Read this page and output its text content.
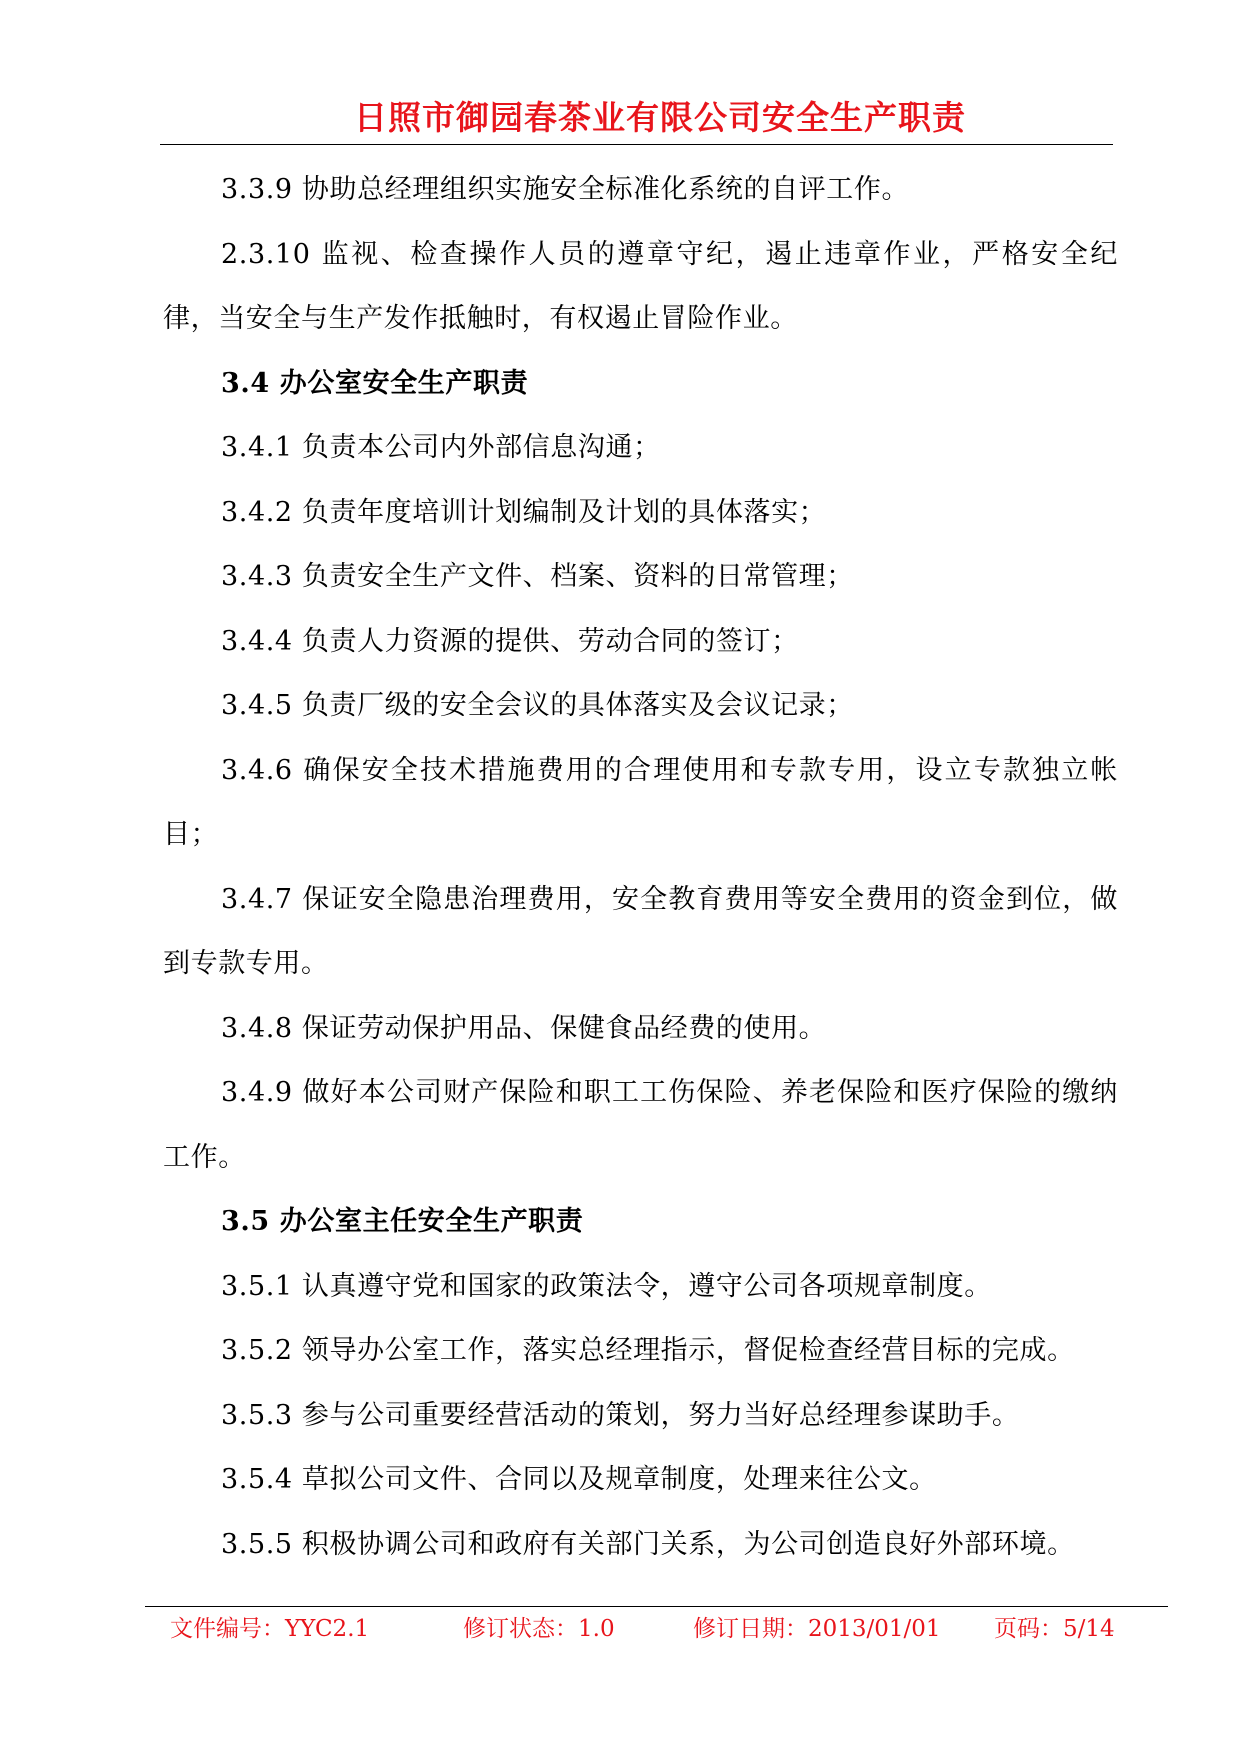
日照市御园春茶业有限公司安全生产职责

3.3.9 协助总经理组织实施安全标准化系统的自评工作。

2.3.10 监视、检查操作人员的遵章守纪，遏止违章作业，严格安全纪律，当安全与生产发作抵触时，有权遏止冒险作业。

3.4 办公室安全生产职责

3.4.1 负责本公司内外部信息沟通；

3.4.2 负责年度培训计划编制及计划的具体落实；

3.4.3 负责安全生产文件、档案、资料的日常管理；

3.4.4 负责人力资源的提供、劳动合同的签订；

3.4.5 负责厂级的安全会议的具体落实及会议记录；

3.4.6 确保安全技术措施费用的合理使用和专款专用，设立专款独立帐目；

3.4.7 保证安全隐患治理费用，安全教育费用等安全费用的资金到位，做到专款专用。

3.4.8 保证劳动保护用品、保健食品经费的使用。

3.4.9 做好本公司财产保险和职工工伤保险、养老保险和医疗保险的缴纳工作。

3.5 办公室主任安全生产职责

3.5.1 认真遵守党和国家的政策法令，遵守公司各项规章制度。

3.5.2 领导办公室工作，落实总经理指示，督促检查经营目标的完成。

3.5.3 参与公司重要经营活动的策划，努力当好总经理参谋助手。

3.5.4 草拟公司文件、合同以及规章制度，处理来往公文。

3.5.5 积极协调公司和政府有关部门关系，为公司创造良好外部环境。

文件编号：YYC2.1	修订状态：1.0	修订日期：2013/01/01 页码：5/14
